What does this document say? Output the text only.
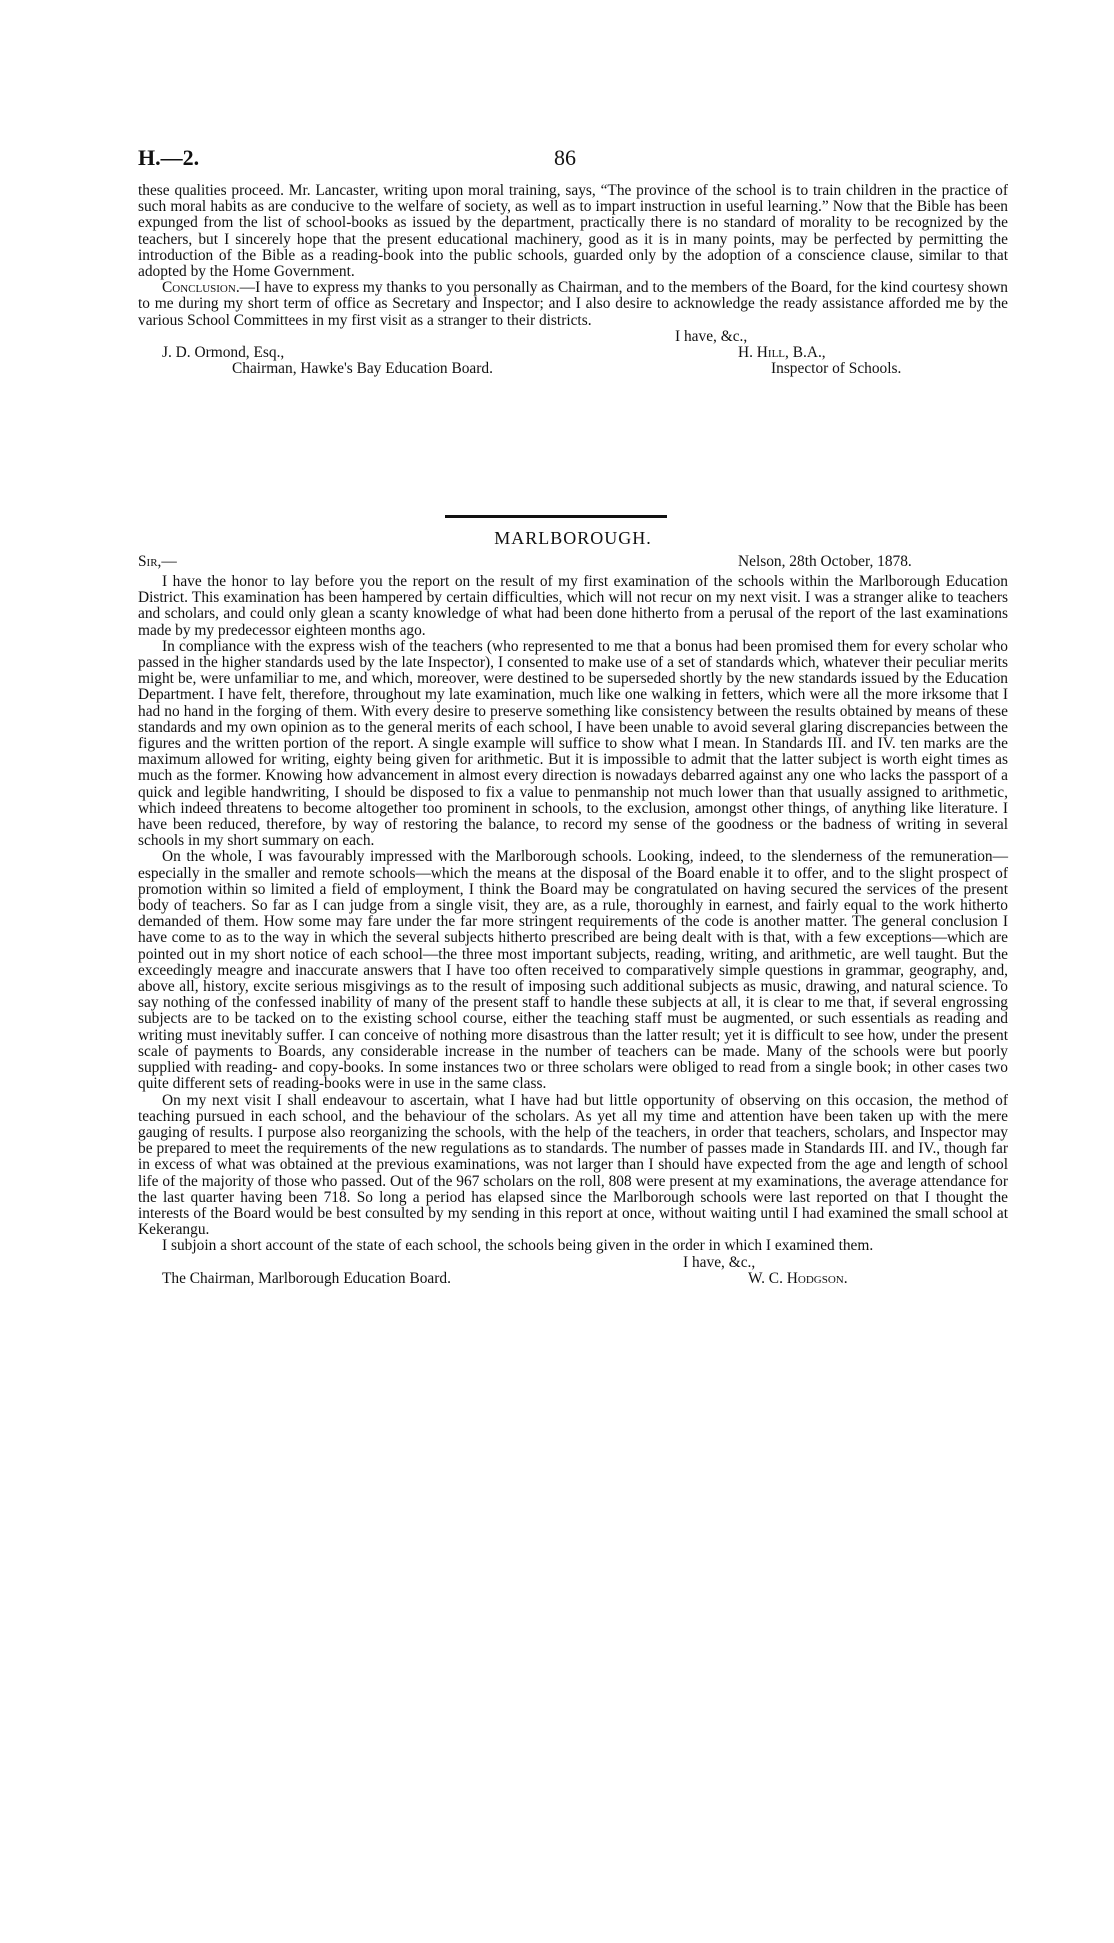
H.—2.	86

these qualities proceed. Mr. Lancaster, writing upon moral training, says, “The province of the school is to train children in the practice of such moral habits as are conducive to the welfare of society, as well as to impart instruction in useful learning.” Now that the Bible has been expunged from the list of school-books as issued by the department, practically there is no standard of morality to be recognized by the teachers, but I sincerely hope that the present educational machinery, good as it is in many points, may be perfected by permitting the introduction of the Bible as a reading-book into the public schools, guarded only by the adoption of a conscience clause, similar to that adopted by the Home Government.

Conclusion.—I have to express my thanks to you personally as Chairman, and to the members of the Board, for the kind courtesy shown to me during my short term of office as Secretary and Inspector; and I also desire to acknowledge the ready assistance afforded me by the various School Committees in my first visit as a stranger to their districts.

I have, &c.,
J. D. Ormond, Esq.,	H. Hill, B.A.,
Chairman, Hawke's Bay Education Board.	Inspector of Schools.
MARLBOROUGH.
Sir,—	Nelson, 28th October, 1878.

I have the honor to lay before you the report on the result of my first examination of the schools within the Marlborough Education District. This examination has been hampered by certain difficulties, which will not recur on my next visit. I was a stranger alike to teachers and scholars, and could only glean a scanty knowledge of what had been done hitherto from a perusal of the report of the last examinations made by my predecessor eighteen months ago.

In compliance with the express wish of the teachers (who represented to me that a bonus had been promised them for every scholar who passed in the higher standards used by the late Inspector), I consented to make use of a set of standards which, whatever their peculiar merits might be, were unfamiliar to me, and which, moreover, were destined to be superseded shortly by the new standards issued by the Education Department. I have felt, therefore, throughout my late examination, much like one walking in fetters, which were all the more irksome that I had no hand in the forging of them. With every desire to preserve something like consistency between the results obtained by means of these standards and my own opinion as to the general merits of each school, I have been unable to avoid several glaring discrepancies between the figures and the written portion of the report. A single example will suffice to show what I mean. In Standards III. and IV. ten marks are the maximum allowed for writing, eighty being given for arithmetic. But it is impossible to admit that the latter subject is worth eight times as much as the former. Knowing how advancement in almost every direction is nowadays debarred against any one who lacks the passport of a quick and legible handwriting, I should be disposed to fix a value to penmanship not much lower than that usually assigned to arithmetic, which indeed threatens to become altogether too prominent in schools, to the exclusion, amongst other things, of anything like literature. I have been reduced, therefore, by way of restoring the balance, to record my sense of the goodness or the badness of writing in several schools in my short summary on each.

On the whole, I was favourably impressed with the Marlborough schools. Looking, indeed, to the slenderness of the remuneration—especially in the smaller and remote schools—which the means at the disposal of the Board enable it to offer, and to the slight prospect of promotion within so limited a field of employment, I think the Board may be congratulated on having secured the services of the present body of teachers. So far as I can judge from a single visit, they are, as a rule, thoroughly in earnest, and fairly equal to the work hitherto demanded of them. How some may fare under the far more stringent requirements of the code is another matter. The general conclusion I have come to as to the way in which the several subjects hitherto prescribed are being dealt with is that, with a few exceptions—which are pointed out in my short notice of each school—the three most important subjects, reading, writing, and arithmetic, are well taught. But the exceedingly meagre and inaccurate answers that I have too often received to comparatively simple questions in grammar, geography, and, above all, history, excite serious misgivings as to the result of imposing such additional subjects as music, drawing, and natural science. To say nothing of the confessed inability of many of the present staff to handle these subjects at all, it is clear to me that, if several engrossing subjects are to be tacked on to the existing school course, either the teaching staff must be augmented, or such essentials as reading and writing must inevitably suffer. I can conceive of nothing more disastrous than the latter result; yet it is difficult to see how, under the present scale of payments to Boards, any considerable increase in the number of teachers can be made. Many of the schools were but poorly supplied with reading- and copy-books. In some instances two or three scholars were obliged to read from a single book; in other cases two quite different sets of reading-books were in use in the same class.

On my next visit I shall endeavour to ascertain, what I have had but little opportunity of observing on this occasion, the method of teaching pursued in each school, and the behaviour of the scholars. As yet all my time and attention have been taken up with the mere gauging of results. I purpose also reorganizing the schools, with the help of the teachers, in order that teachers, scholars, and Inspector may be prepared to meet the requirements of the new regulations as to standards. The number of passes made in Standards III. and IV., though far in excess of what was obtained at the previous examinations, was not larger than I should have expected from the age and length of school life of the majority of those who passed. Out of the 967 scholars on the roll, 808 were present at my examinations, the average attendance for the last quarter having been 718. So long a period has elapsed since the Marlborough schools were last reported on that I thought the interests of the Board would be best consulted by my sending in this report at once, without waiting until I had examined the small school at Kekerangu.

I subjoin a short account of the state of each school, the schools being given in the order in which I examined them.

I have, &c.,
The Chairman, Marlborough Education Board.	W. C. Hodgson.
